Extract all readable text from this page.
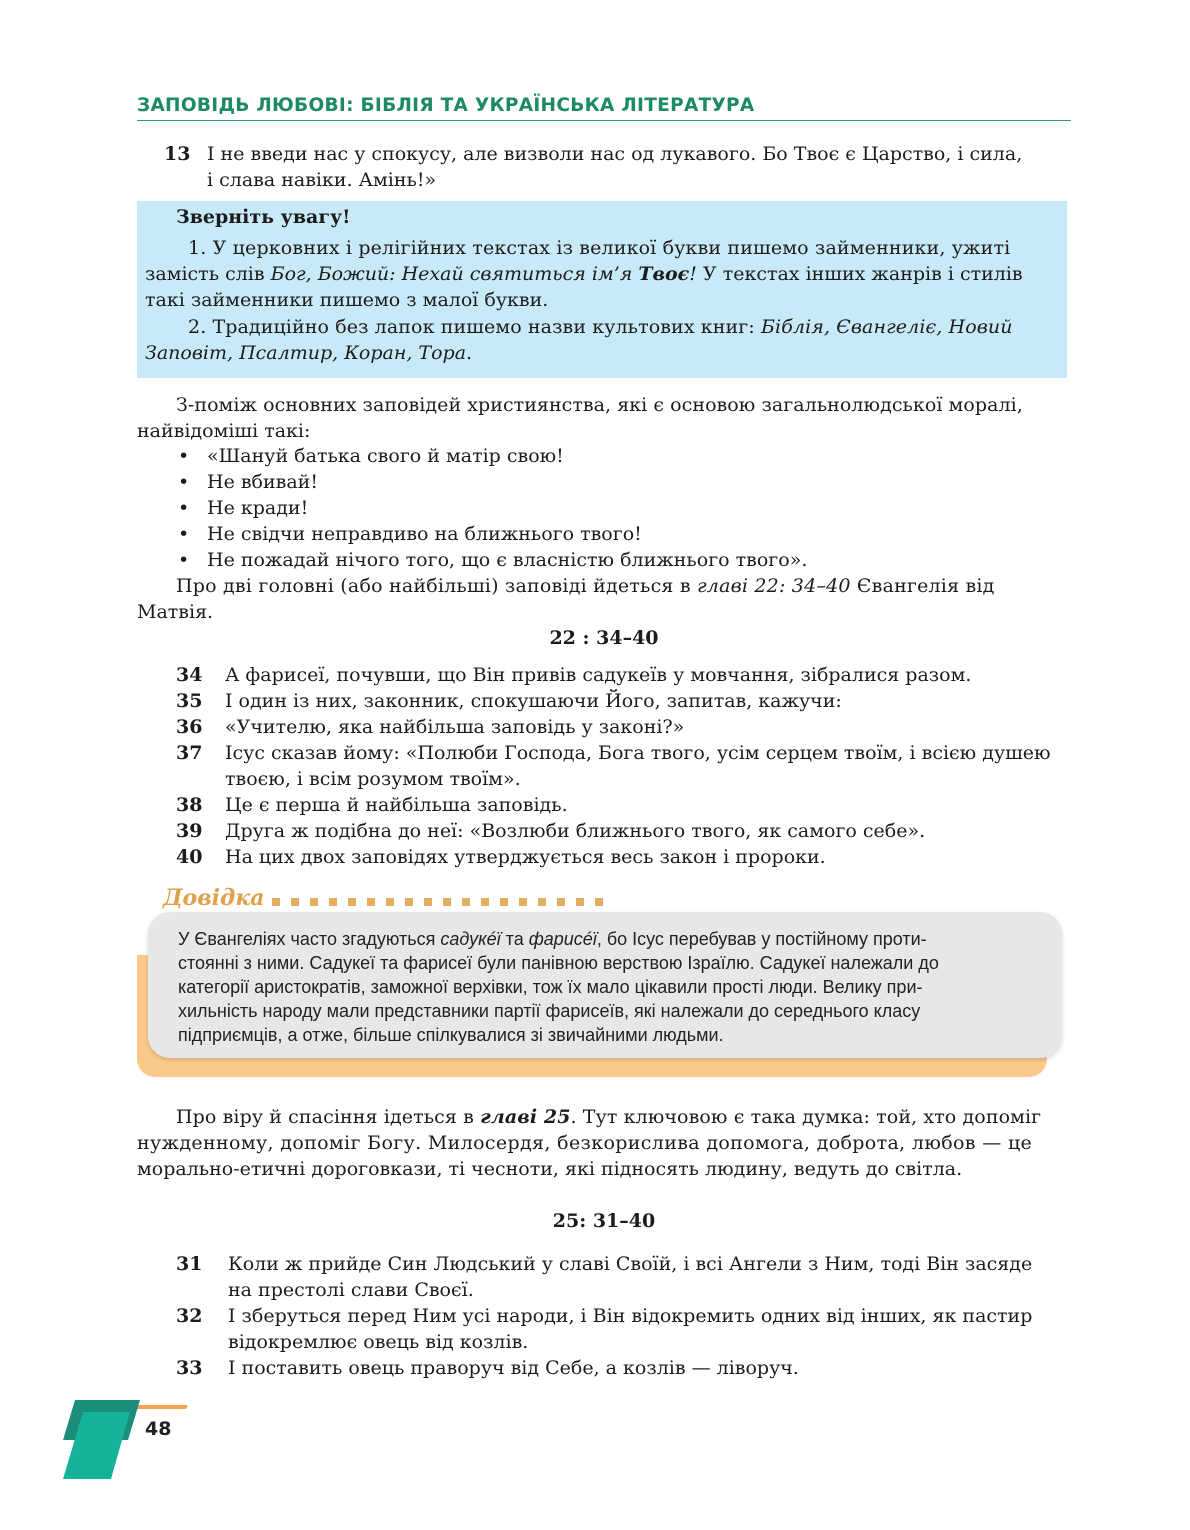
ЗАПОВІДЬ ЛЮБОВІ: БІБЛІЯ ТА УКРАЇНСЬКА ЛІТЕРАТУРА
13 І не введи нас у спокусу, але визволи нас од лукавого. Бо Твоє є Царство, і сила,
і слава навіки. Амінь!»
Зверніть увагу!
1. У церковних і релігійних текстах із великої букви пишемо займенники, ужиті
замість слів Бог, Божий: Нехай святиться ім’я Твоє! У текстах інших жанрів і стилів
такі займенники пишемо з малої букви.
2. Традиційно без лапок пишемо назви культових книг: Біблія, Євангеліє, Новий
Заповіт, Псалтир, Коран, Тора.
З-поміж основних заповідей християнства, які є основою загальнолюдської моралі,
найвідоміші такі:
• «Шануй батька свого й матір свою!
• Не вбивай!
• Не кради!
• Не свідчи неправдиво на ближнього твого!
• Не пожадай нічого того, що є власністю ближнього твого».
Про дві головні (або найбільші) заповіді йдеться в главі 22: 34–40 Євангелія від
Матвія.
22 : 34–40
34 А фарисеї, почувши, що Він привів садукеїв у мовчання, зібралися разом.
35 І один із них, законник, спокушаючи Його, запитав, кажучи:
36 «Учителю, яка найбільша заповідь у законі?»
37 Ісус сказав йому: «Полюби Господа, Бога твого, усім серцем твоїм, і всією душею
твоєю, і всім розумом твоїм».
38 Це є перша й найбільша заповідь.
39 Друга ж подібна до неї: «Возлюби ближнього твого, як самого себе».
40 На цих двох заповідях утверджується весь закон і пророки.
Довідка
У Євангеліях часто згадуються садукéї та фарисéї, бо Ісус перебував у постійному проти-
стоянні з ними. Садукеї та фарисеї були панівною верствою Ізраїлю. Садукеї належали до
категорії аристократів, заможної верхівки, тож їх мало цікавили прості люди. Велику при-
хильність народу мали представники партії фарисеїв, які належали до середнього класу
підприємців, а отже, більше спілкувалися зі звичайними людьми.
Про віру й спасіння ідеться в главі 25. Тут ключовою є така думка: той, хто допоміг
нужденному, допоміг Богу. Милосердя, безкорислива допомога, доброта, любов — це
морально-етичні дороговкази, ті чесноти, які підносять людину, ведуть до світла.
25: 31–40
31 Коли ж прийде Син Людський у славі Своїй, і всі Ангели з Ним, тоді Він засяде
на престолі слави Своєї.
32 І зберуться перед Ним усі народи, і Він відокремить одних від інших, як пастир
відокремлює овець від козлів.
33 І поставить овець праворуч від Себе, а козлів — ліворуч.
48
